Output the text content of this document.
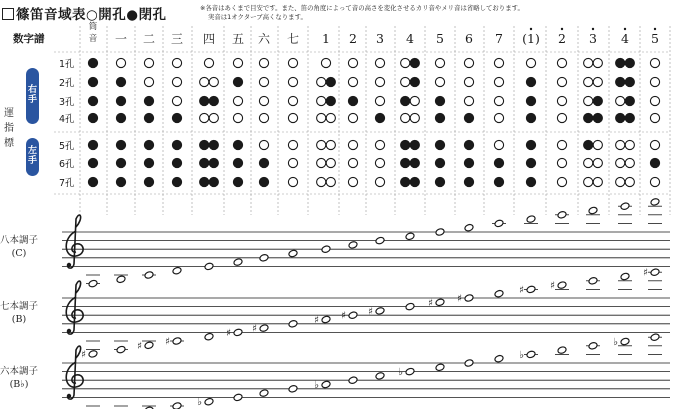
篠笛音域表○開孔●閉孔	※各音はあくまで目安です。また、笛の角度によって音の高さを変化させるカリ音やメリ音は省略しております。
実音は1オクターブ高くなります。
右手
左手
運指標
八本調子
(C)
七本調子
(B)
六本調子
(B♭)
数字譜
筒
音 一 二 三 四 五 六 七 1 2 3 4 5 6 7 (1) 2 3 4 5
1孔
2孔
3孔
4孔
5孔
6孔
7孔
♯
♯ ♯
♯ ♯
♯ ♯ ♯
♯ ♯
♯	♯
♯
♭
♭
♭
♭
♭
